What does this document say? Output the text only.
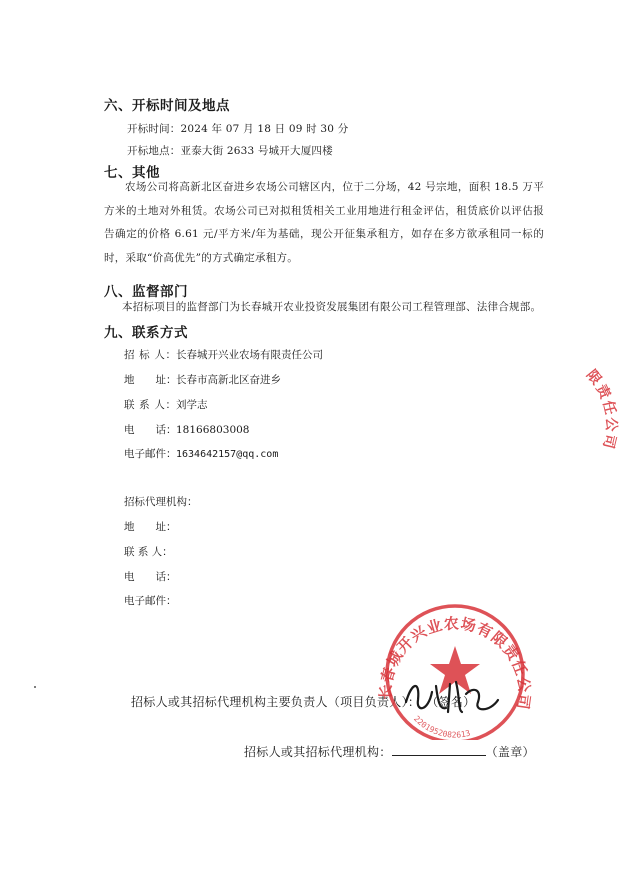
六、开标时间及地点
开标时间：2024 年 07 月 18 日 09 时 30 分
开标地点：亚泰大街 2633 号城开大厦四楼
七、其他
农场公司将高新北区奋进乡农场公司辖区内，位于二分场，42 号宗地，面积 18.5 万平方米的土地对外租赁。农场公司已对拟租赁相关工业用地进行租金评估，租赁底价以评估报告确定的价格 6.61 元/平方米/年为基础，现公开征集承租方，如存在多方欲承租同一标的时，采取“价高优先”的方式确定承租方。
八、监督部门
本招标项目的监督部门为长春城开农业投资发展集团有限公司工程管理部、法律合规部。
九、联系方式
招 标 人：长春城开兴业农场有限责任公司
地　　址：长春市高新北区奋进乡
联 系 人：刘学志
电　　话：18166803008
电子邮件：1634642157@qq.com
招标代理机构：
地　　址：
联 系 人：
电　　话：
电子邮件：
招标人或其招标代理机构主要负责人（项目负责人）： （签名）
招标人或其招标代理机构：	（盖章）
长春城开兴业农场有限责任公司
2201952082613
限责任公司
